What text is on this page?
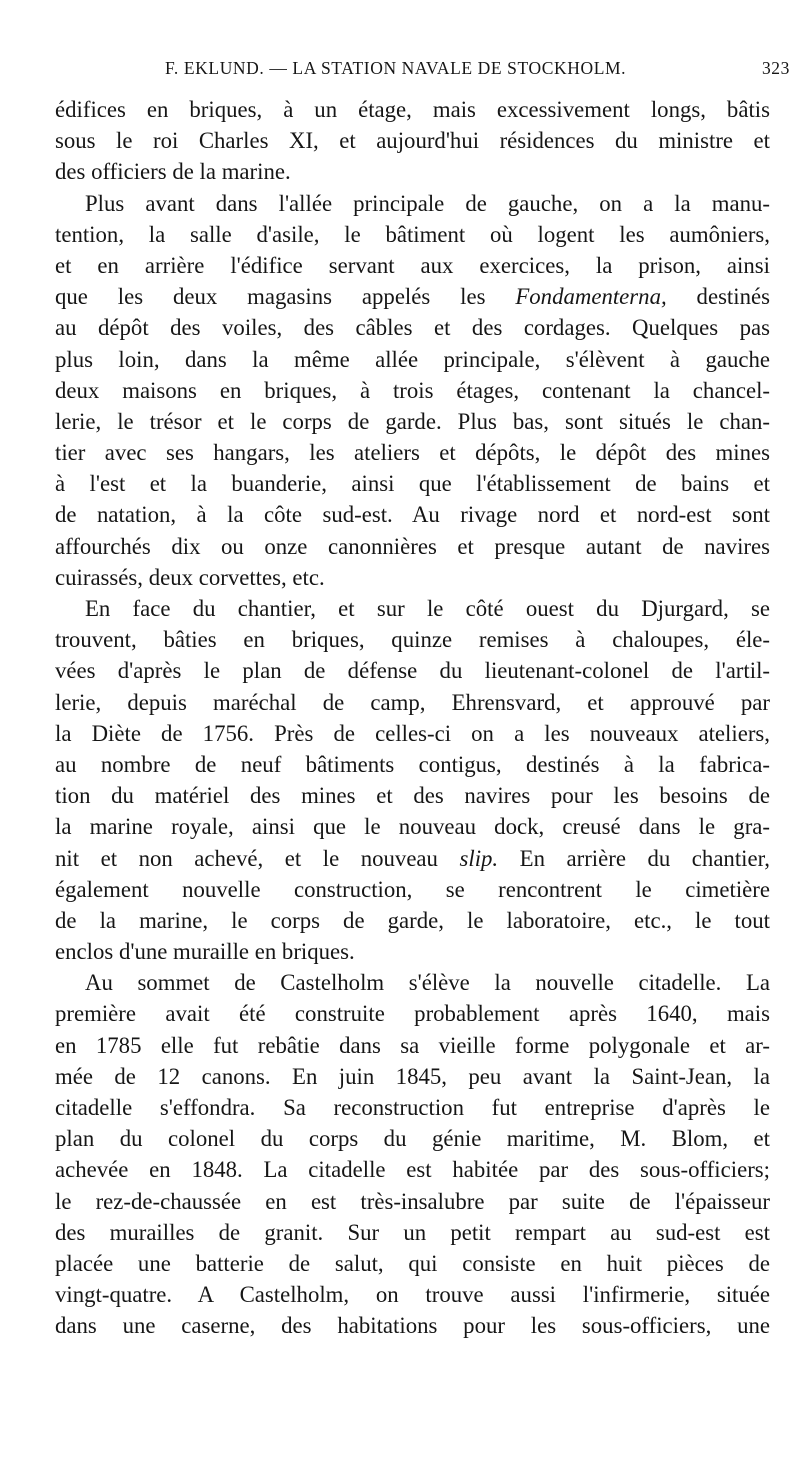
F. EKLUND. — LA STATION NAVALE DE STOCKHOLM.	323
édifices en briques, à un étage, mais excessivement longs, bâtis
sous le roi Charles XI, et aujourd'hui résidences du ministre et
des officiers de la marine.
Plus avant dans l'allée principale de gauche, on a la manu-
tention, la salle d'asile, le bâtiment où logent les aumôniers,
et en arrière l'édifice servant aux exercices, la prison, ainsi
que les deux magasins appelés les Fondamenterna, destinés
au dépôt des voiles, des câbles et des cordages. Quelques pas
plus loin, dans la même allée principale, s'élèvent à gauche
deux maisons en briques, à trois étages, contenant la chancel-
lerie, le trésor et le corps de garde. Plus bas, sont situés le chan-
tier avec ses hangars, les ateliers et dépôts, le dépôt des mines
à l'est et la buanderie, ainsi que l'établissement de bains et
de natation, à la côte sud-est. Au rivage nord et nord-est sont
affourchés dix ou onze canonnières et presque autant de navires
cuirassés, deux corvettes, etc.
En face du chantier, et sur le côté ouest du Djurgard, se
trouvent, bâties en briques, quinze remises à chaloupes, éle-
vées d'après le plan de défense du lieutenant-colonel de l'artil-
lerie, depuis maréchal de camp, Ehrensvard, et approuvé par
la Diète de 1756. Près de celles-ci on a les nouveaux ateliers,
au nombre de neuf bâtiments contigus, destinés à la fabrica-
tion du matériel des mines et des navires pour les besoins de
la marine royale, ainsi que le nouveau dock, creusé dans le gra-
nit et non achevé, et le nouveau slip. En arrière du chantier,
également nouvelle construction, se rencontrent le cimetière
de la marine, le corps de garde, le laboratoire, etc., le tout
enclos d'une muraille en briques.
Au sommet de Castelholm s'élève la nouvelle citadelle. La
première avait été construite probablement après 1640, mais
en 1785 elle fut rebâtie dans sa vieille forme polygonale et ar-
mée de 12 canons. En juin 1845, peu avant la Saint-Jean, la
citadelle s'effondra. Sa reconstruction fut entreprise d'après le
plan du colonel du corps du génie maritime, M. Blom, et
achevée en 1848. La citadelle est habitée par des sous-officiers;
le rez-de-chaussée en est très-insalubre par suite de l'épaisseur
des murailles de granit. Sur un petit rempart au sud-est est
placée une batterie de salut, qui consiste en huit pièces de
vingt-quatre. A Castelholm, on trouve aussi l'infirmerie, située
dans une caserne, des habitations pour les sous-officiers, une
